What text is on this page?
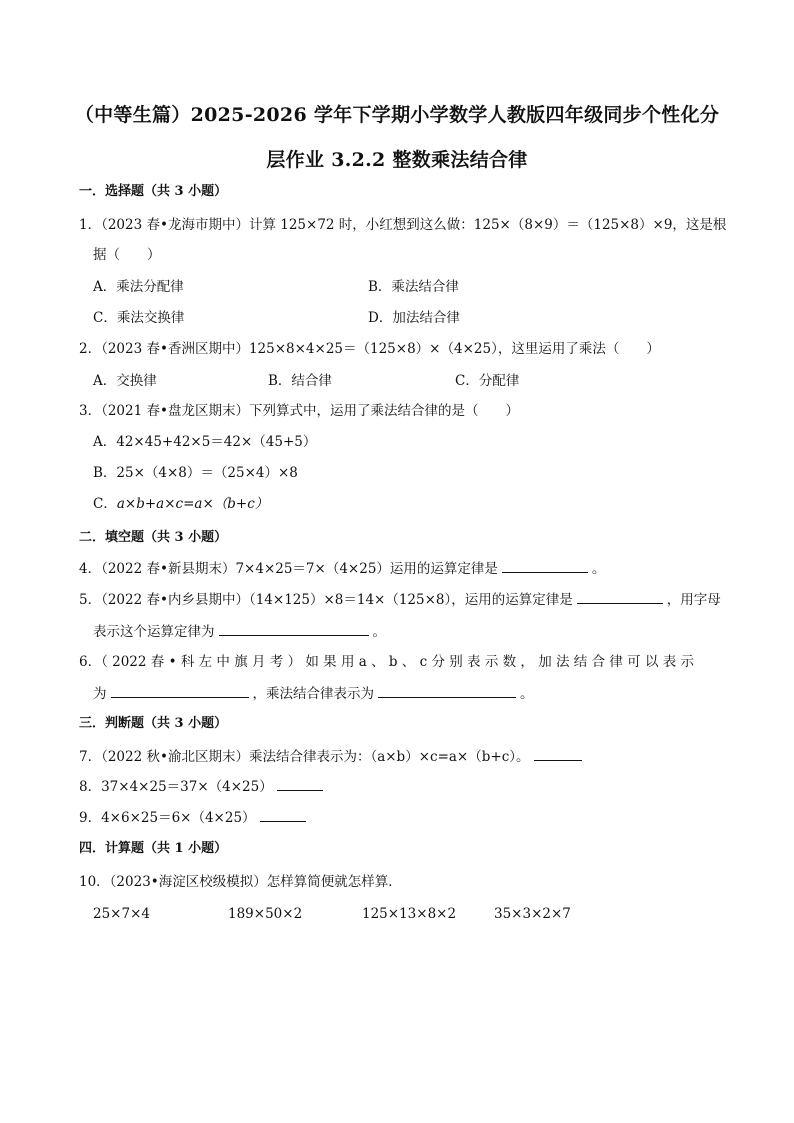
（中等生篇）2025-2026 学年下学期小学数学人教版四年级同步个性化分
层作业 3.2.2 整数乘法结合律
一．选择题（共 3 小题）
1．（2023 春•龙海市期中）计算 125×72 时，小红想到这么做：125×（8×9）＝（125×8）×9，这是根
据（　　）
A．乘法分配律	B．乘法结合律
C．乘法交换律	D．加法结合律
2．（2023 春•香洲区期中）125×8×4×25＝（125×8）×（4×25），这里运用了乘法（　　）
A．交换律	B．结合律	C．分配律
3．（2021 春•盘龙区期末）下列算式中，运用了乘法结合律的是（　　）
A．42×45+42×5＝42×（45+5）
B．25×（4×8）＝（25×4）×8
C．a×b+a×c=a×（b+c）
二．填空题（共 3 小题）
4．（2022 春•新县期末）7×4×25＝7×（4×25）运用的运算定律是	。
5．（2022 春•内乡县期中）（14×125）×8＝14×（125×8），运用的运算定律是	，用字母
表示这个运算定律为	。
6．（ 2022 春 • 科 左 中 旗 月 考 ） 如 果 用 a 、 b 、 c 分 别 表 示 数 ， 加 法 结 合 律 可 以 表 示
为	，乘法结合律表示为	。
三．判断题（共 3 小题）
7．（2022 秋•渝北区期末）乘法结合律表示为：（a×b）×c=a×（b+c）。
8．37×4×25＝37×（4×25）
9．4×6×25＝6×（4×25）
四．计算题（共 1 小题）
10．（2023•海淀区校级模拟）怎样算简便就怎样算．
25×7×4	189×50×2	125×13×8×2	35×3×2×7
